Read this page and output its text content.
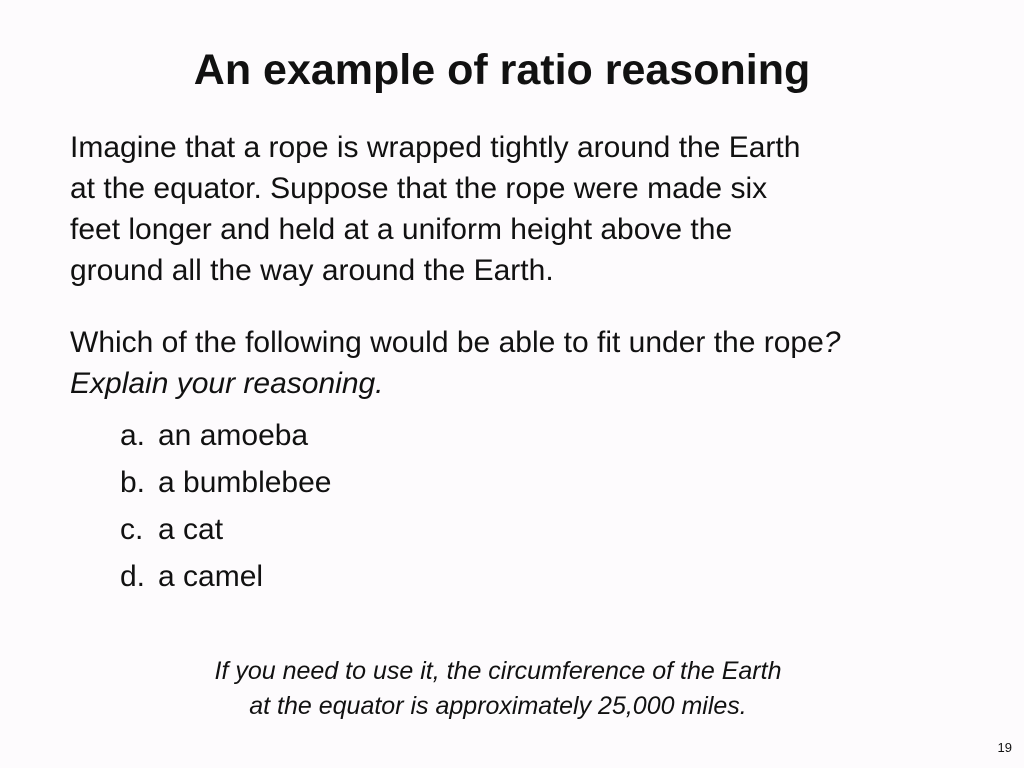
An example of ratio reasoning
Imagine that a rope is wrapped tightly around the Earth
at the equator. Suppose that the rope were made six
feet longer and held at a uniform height above the
ground all the way around the Earth.
Which of the following would be able to fit under the rope?
Explain your reasoning.
a. an amoeba
b. a bumblebee
c. a cat
d. a camel
If you need to use it, the circumference of the Earth
at the equator is approximately 25,000 miles.
19
